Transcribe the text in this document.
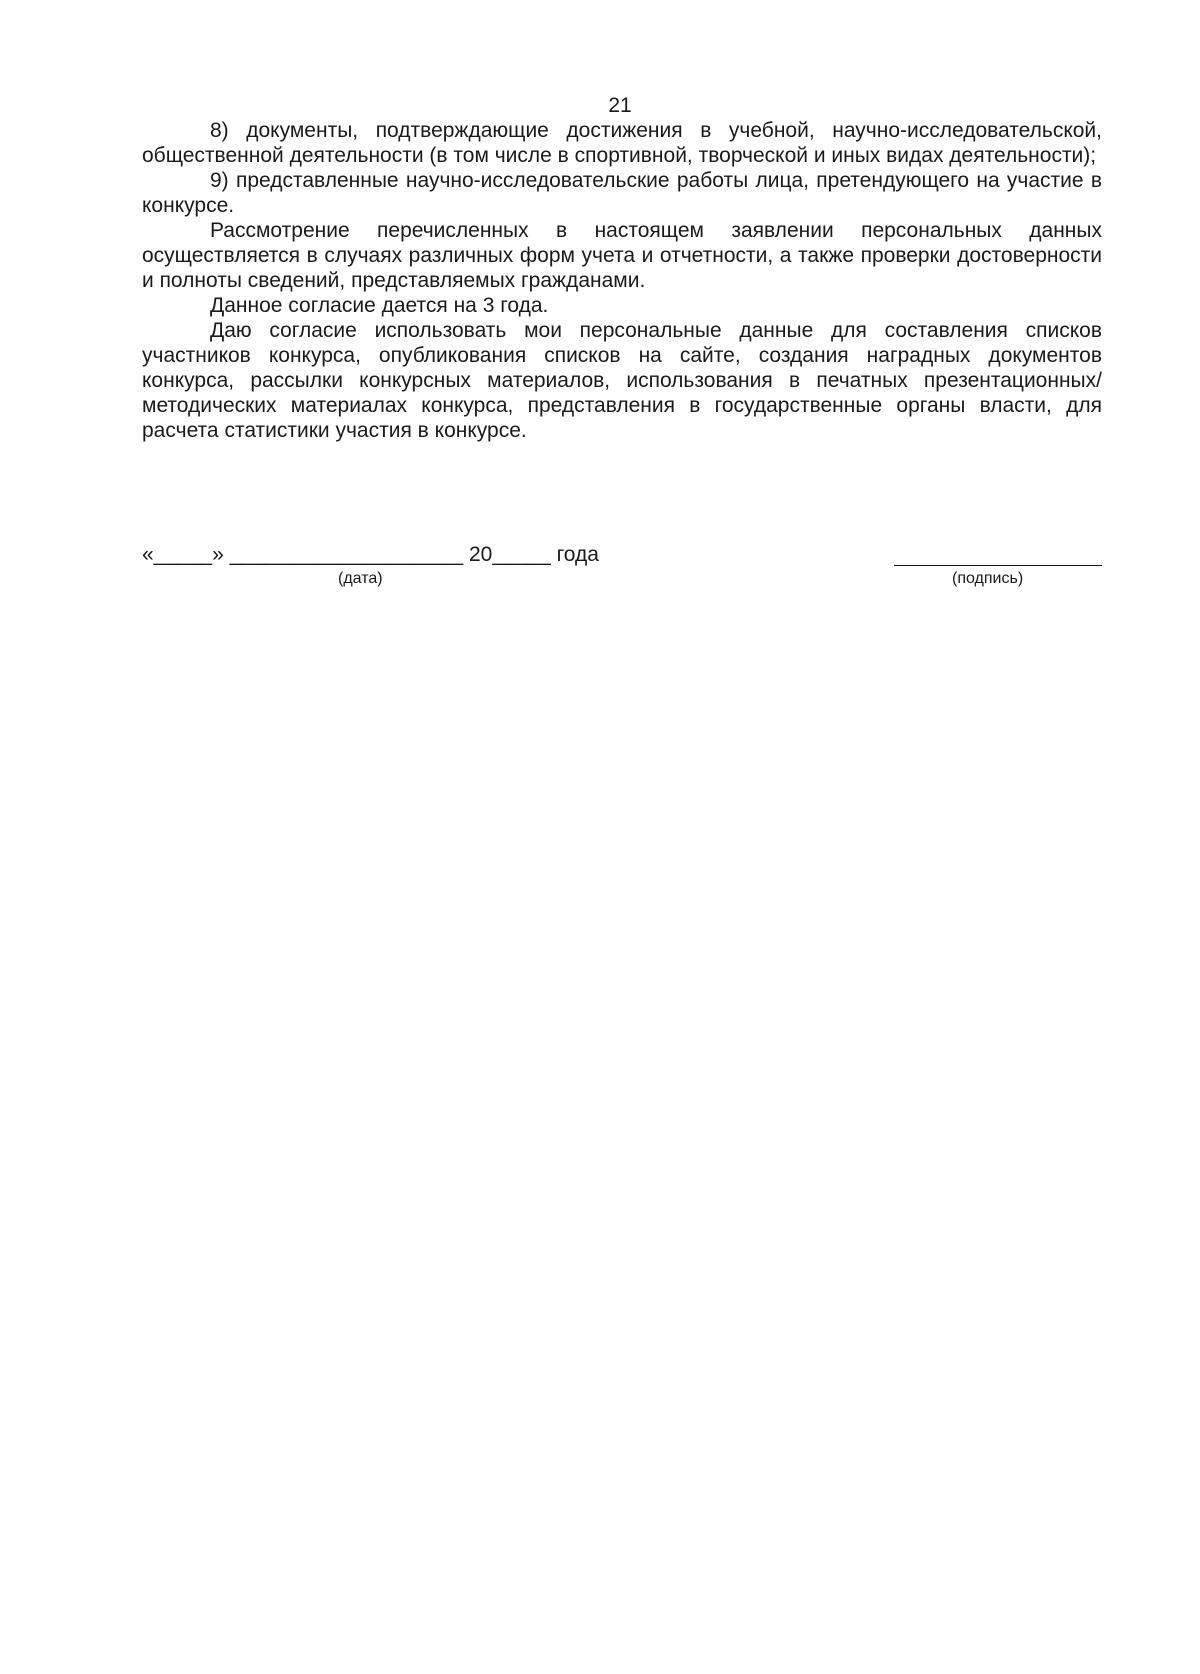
21

8) документы, подтверждающие достижения в учебной, научно-исследовательской, общественной деятельности (в том числе в спортивной, творческой и иных видах деятельности);

9) представленные научно-исследовательские работы лица, претендующего на участие в конкурсе.

Рассмотрение перечисленных в настоящем заявлении персональных данных осуществляется в случаях различных форм учета и отчетности, а также проверки достоверности и полноты сведений, представляемых гражданами.

Данное согласие дается на 3 года.

Даю согласие использовать мои персональные данные для составления списков участников конкурса, опубликования списков на сайте, создания наградных документов конкурса, рассылки конкурсных материалов, использования в печатных презентационных/методических материалах конкурса, представления в государственные органы власти, для расчета статистики участия в конкурсе.

«_____» ____________________ 20_____ года
(дата)	(подпись)
